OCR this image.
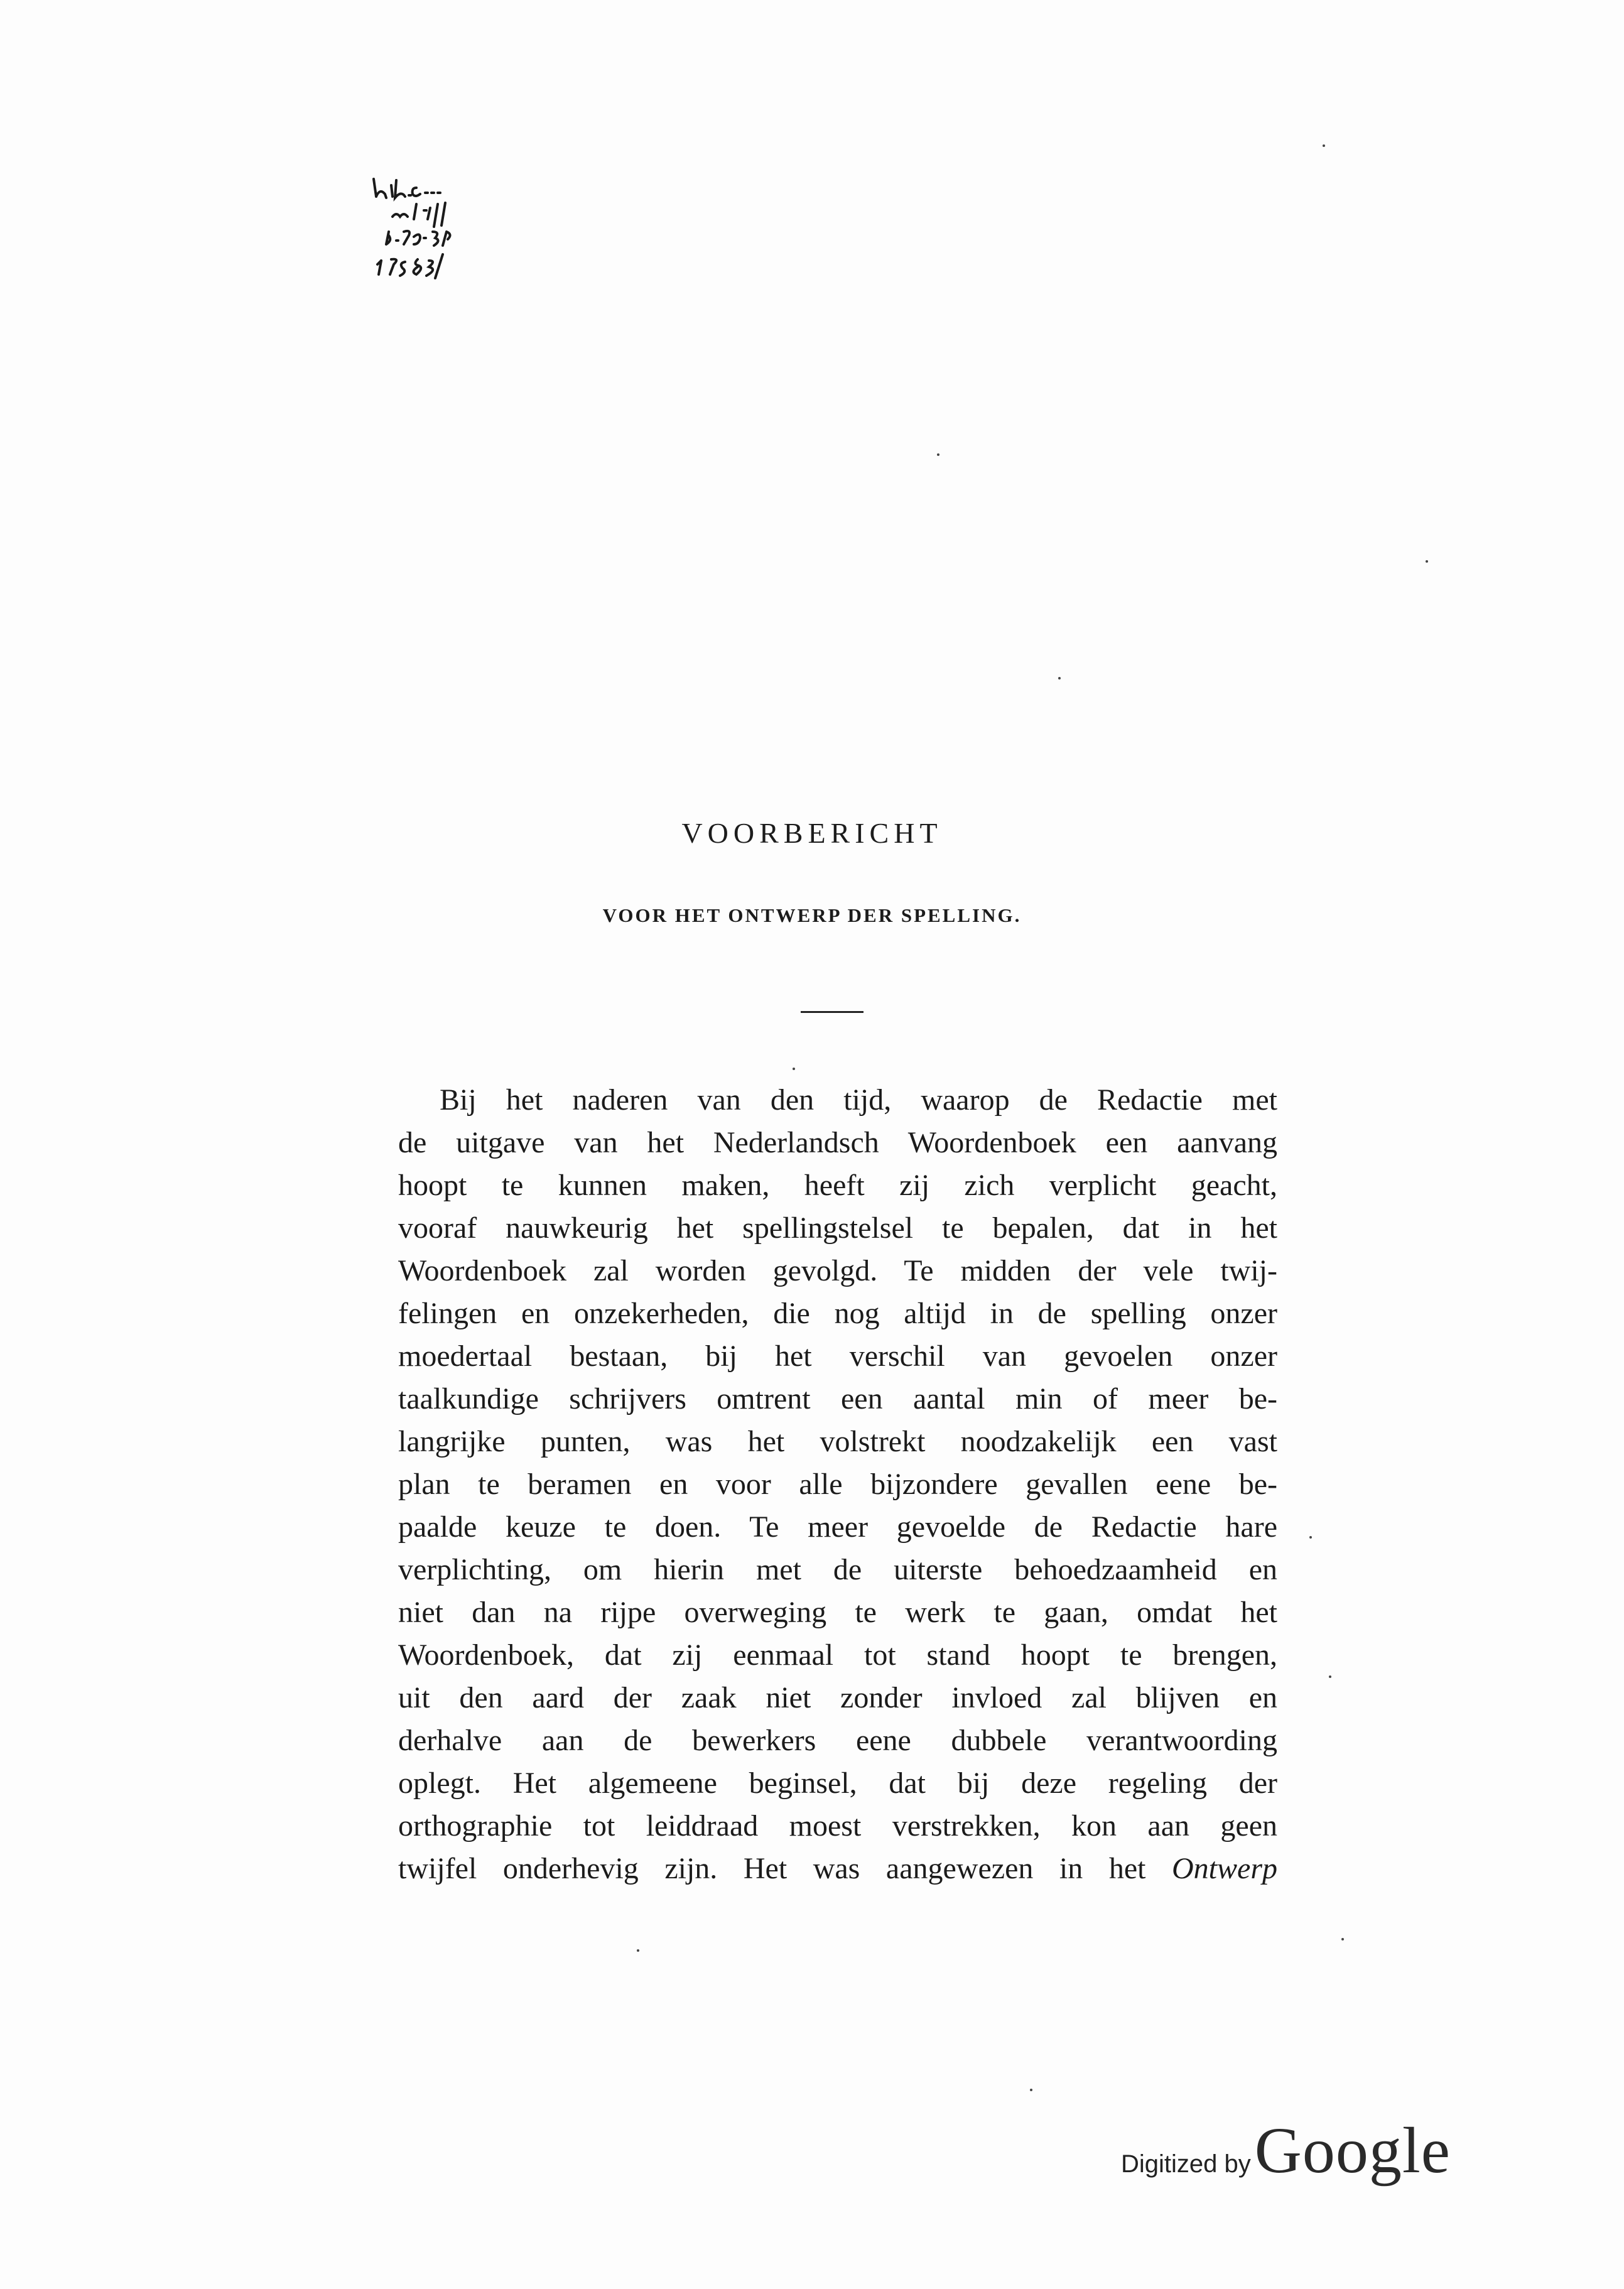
VOORBERICHT
VOOR HET ONTWERP DER SPELLING.
Bij het naderen van den tijd, waarop de Redactie met
de uitgave van het Nederlandsch Woordenboek een aanvang
hoopt te kunnen maken, heeft zij zich verplicht geacht,
vooraf nauwkeurig het spellingstelsel te bepalen, dat in het
Woordenboek zal worden gevolgd. Te midden der vele twij-
felingen en onzekerheden, die nog altijd in de spelling onzer
moedertaal bestaan, bij het verschil van gevoelen onzer
taalkundige schrijvers omtrent een aantal min of meer be-
langrijke punten, was het volstrekt noodzakelijk een vast
plan te beramen en voor alle bijzondere gevallen eene be-
paalde keuze te doen. Te meer gevoelde de Redactie hare
verplichting, om hierin met de uiterste behoedzaamheid en
niet dan na rijpe overweging te werk te gaan, omdat het
Woordenboek, dat zij eenmaal tot stand hoopt te brengen,
uit den aard der zaak niet zonder invloed zal blijven en
derhalve aan de bewerkers eene dubbele verantwoording
oplegt. Het algemeene beginsel, dat bij deze regeling der
orthographie tot leiddraad moest verstrekken, kon aan geen
twijfel onderhevig zijn. Het was aangewezen in het Ontwerp
Digitized by Google
